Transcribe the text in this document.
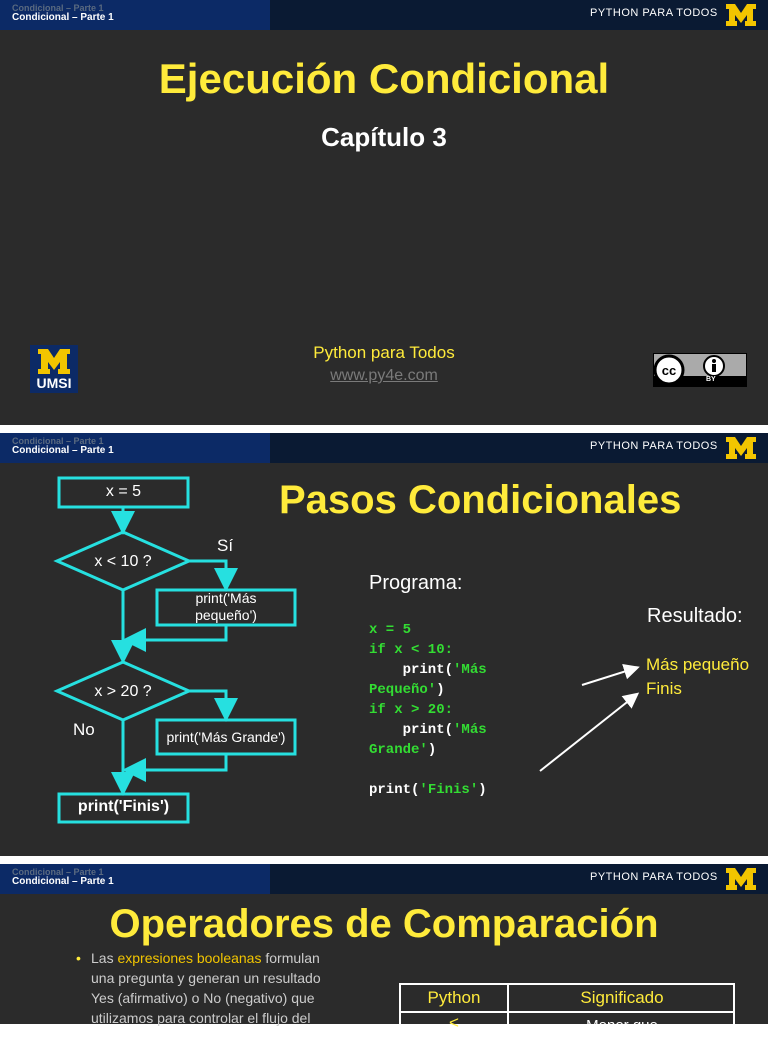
Condicional – Parte 1
Condicional – Parte 1	PYTHON PARA TODOS
Ejecución Condicional
Capítulo 3
Python para Todos
www.py4e.com
UMSI
cc
BY
Condicional – Parte 1
Condicional – Parte 1	PYTHON PARA TODOS
Pasos Condicionales
x = 5
x < 10 ?
Sí
print('Más
pequeño')
x > 20 ?
No	print('Más Grande')
print('Finis')
Programa:
x = 5
if x < 10:
print('Más
Pequeño')
if x > 20:
print('Más
Grande')

print('Finis')
Resultado:
Más pequeño
Finis
Condicional – Parte 1
Condicional – Parte 1	PYTHON PARA TODOS
Operadores de Comparación
• Las expresiones booleanas formulan
una pregunta y generan un resultado
Yes (afirmativo) o No (negativo) que
utilizamos para controlar el flujo del
Python	Significado
<	Menor que
